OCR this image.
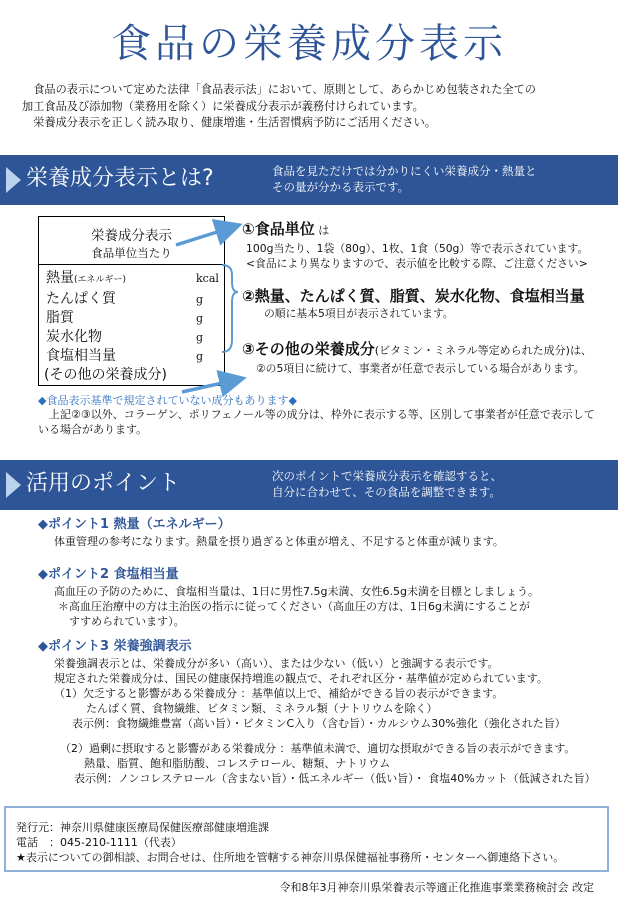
食品の栄養成分表示
　食品の表示について定めた法律「食品表示法」において、原則として、あらかじめ包装された全ての
加工食品及び添加物（業務用を除く）に栄養成分表示が義務付けられています。
　栄養成分表示を正しく読み取り、健康増進・生活習慣病予防にご活用ください。
栄養成分表示とは?	食品を見ただけでは分かりにくい栄養成分・熱量と
その量が分かる表示です。
栄養成分表示
食品単位当たり
熱量(エネルギー)	kcal
たんぱく質	g
脂質	g
炭水化物	g
食塩相当量	g
(その他の栄養成分)
①食品単位 は
100g当たり、1袋（80g）、1枚、1食（50g）等で表示されています。
<食品により異なりますので、表示値を比較する際、ご注意ください>
②熱量、たんぱく質、脂質、炭水化物、食塩相当量
の順に基本5項目が表示されています。
③その他の栄養成分(ビタミン・ミネラル等定められた成分)は、
②の5項目に続けて、事業者が任意で表示している場合があります。
◆食品表示基準で規定されていない成分もあります◆
　上記②③以外、コラーゲン、ポリフェノール等の成分は、枠外に表示する等、区別して事業者が任意で表示している場合があります。
活用のポイント	次のポイントで栄養成分表示を確認すると、
自分に合わせて、その食品を調整できます。
◆ポイント1 熱量（エネルギー）
体重管理の参考になります。熱量を摂り過ぎると体重が増え、不足すると体重が減ります。
◆ポイント2 食塩相当量
高血圧の予防のために、食塩相当量は、1日に男性7.5g未満、女性6.5g未満を目標としましょう。
＊高血圧治療中の方は主治医の指示に従ってください（高血圧の方は、1日6g未満にすることが
　すすめられています）。
◆ポイント3 栄養強調表示
栄養強調表示とは、栄養成分が多い（高い）、または少ない（低い）と強調する表示です。
規定された栄養成分は、国民の健康保持増進の観点で、それぞれ区分・基準値が定められています。
（1）欠乏すると影響がある栄養成分 ：基準値以上で、補給ができる旨の表示ができます。
たんぱく質、食物繊維、ビタミン類、ミネラル類（ナトリウムを除く）
表示例：食物繊維豊富（高い旨）・ビタミンC入り（含む旨）・カルシウム30%強化（強化された旨）
（2）過剰に摂取すると影響がある栄養成分 ：基準値未満で、適切な摂取ができる旨の表示ができます。
熱量、脂質、飽和脂肪酸、コレステロール、糖類、ナトリウム
表示例：ノンコレステロール（含まない旨）・低エネルギー（低い旨）・ 食塩40%カット（低減された旨）
発行元：神奈川県健康医療局保健医療部健康増進課
電話　：045-210-1111（代表）
★表示についての御相談、お問合せは、住所地を管轄する神奈川県保健福祉事務所・センターへ御連絡下さい。
令和8年3月神奈川県栄養表示等適正化推進事業業務検討会 改定
